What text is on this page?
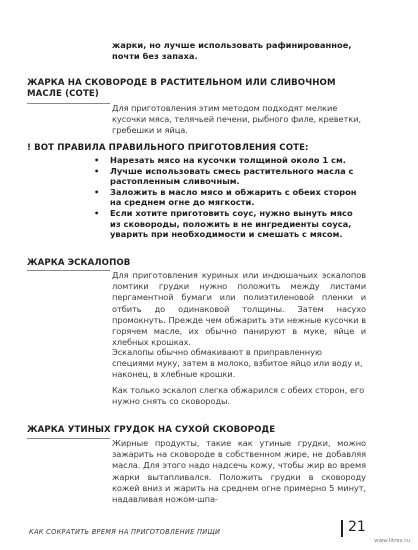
жарки, но лучше использовать рафинированное, почти без запаха.

ЖАРКА НА СКОВОРОДЕ В РАСТИТЕЛЬНОМ ИЛИ СЛИВОЧНОМ МАСЛЕ (СОТЕ)

Для приготовления этим методом подходят мелкие кусочки мяса, телячьей печени, рыбного филе, креветки, гребешки и яйца.

! ВОТ ПРАВИЛА ПРАВИЛЬНОГО ПРИГОТОВЛЕНИЯ СОТЕ:
• Нарезать мясо на кусочки толщиной около 1 см.
• Лучше использовать смесь растительного масла с растопленным сливочным.
• Заложить в масло мясо и обжарить с обеих сторон на среднем огне до мягкости.
• Если хотите приготовить соус, нужно вынуть мясо из сковороды, положить в не ингредиенты соуса, уварить при необходимости и смешать с мясом.
ЖАРКА ЭСКАЛОПОВ

Для приготовления куриных или индюшачьих эскалопов ломтики грудки нужно положить между листами пергаментной бумаги или полиэтиленовой пленки и отбить до одинаковой толщины. Затем насухо промокнуть. Прежде чем обжарить эти нежные кусочки в горячем масле, их обычно панируют в муке, яйце и хлебных крошках.

Эскалопы обычно обмакивают в приправленную специями муку, затем в молоко, взбитое яйцо или воду и, наконец, в хлебные крошки.

Как только эскалоп слегка обжарился с обеих сторон, его нужно снять со сковороды.

ЖАРКА УТИНЫХ ГРУДОК НА СУХОЙ СКОВОРОДЕ

Жирные продукты, такие как утиные грудки, можно зажарить на сковороде в собственном жире, не добавляя масла. Для этого надо надсечь кожу, чтобы жир во время жарки вытапливался. Положить грудки в сковороду кожей вниз и жарить на среднем огне примерно 5 минут, надавливая ножом-шпа-

КАК СОКРАТИТЬ ВРЕМЯ НА ПРИГОТОВЛЕНИЕ ПИЩИ	21
www.litres.ru
